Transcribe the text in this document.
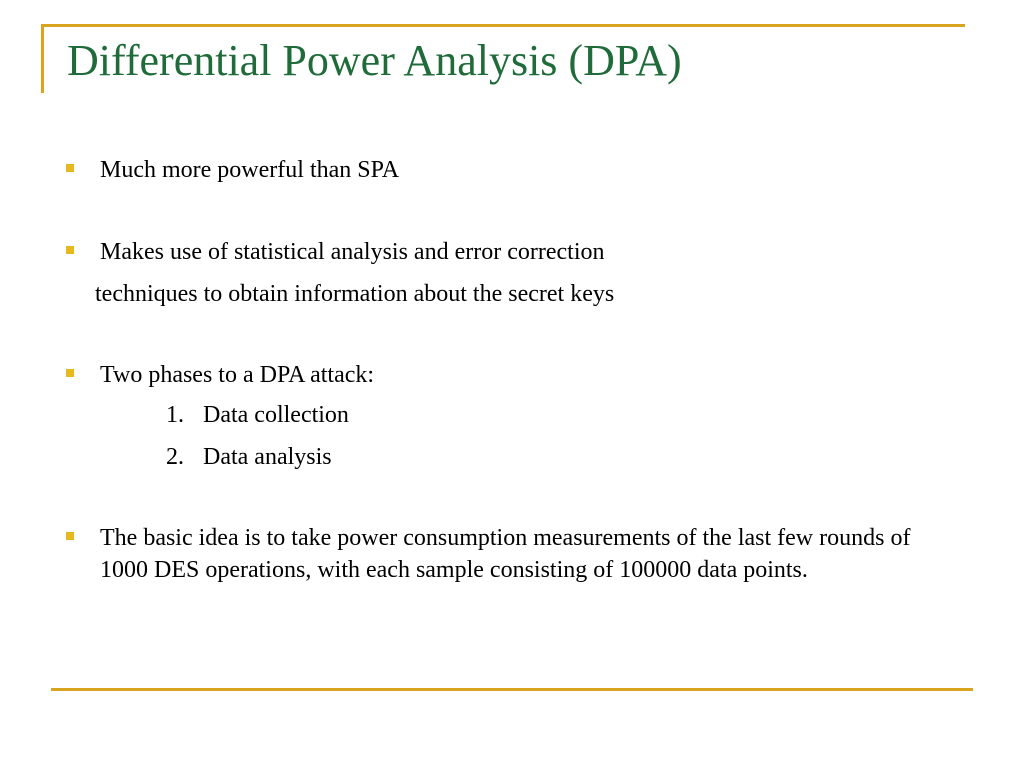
Differential Power Analysis (DPA)
Much more powerful than SPA
Makes use of statistical analysis and error correction
techniques to obtain information about the secret keys
Two phases to a DPA attack:
1. Data collection
2. Data analysis
The basic idea is to take power consumption measurements of the last few rounds of 1000 DES operations, with each sample consisting of 100000 data points.
